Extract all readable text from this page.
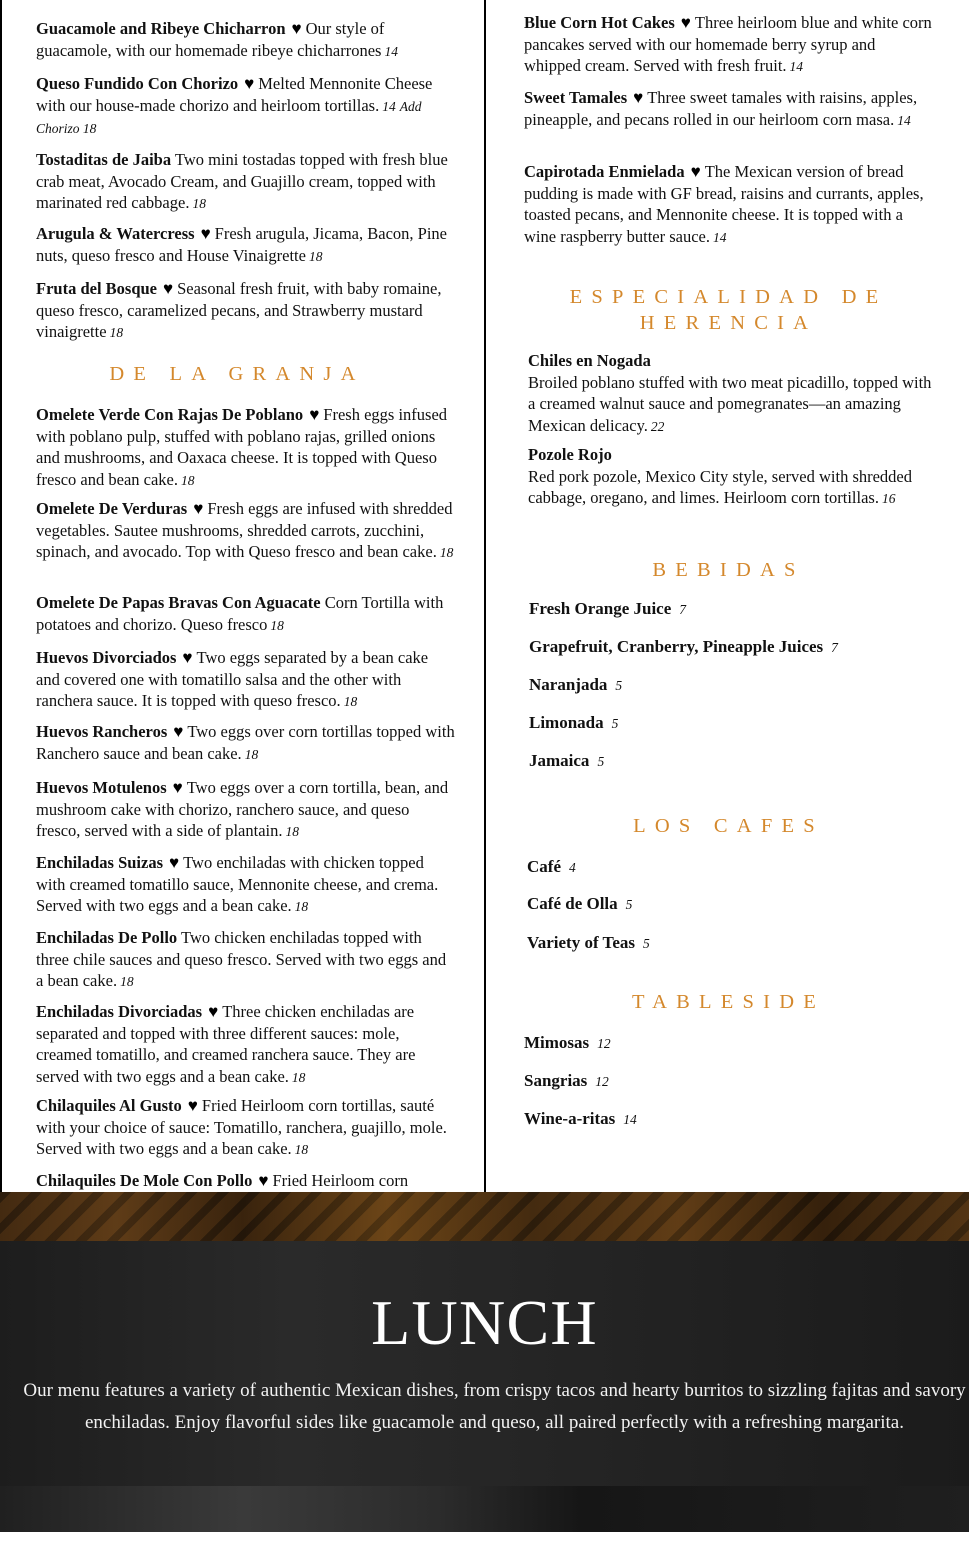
Guacamole and Ribeye Chicharron ♥ Our style of guacamole, with our homemade ribeye chicharrones 14
Queso Fundido Con Chorizo ♥ Melted Mennonite Cheese with our house-made chorizo and heirloom tortillas. 14 Add Chorizo 18
Tostaditas de Jaiba Two mini tostadas topped with fresh blue crab meat, Avocado Cream, and Guajillo cream, topped with marinated red cabbage. 18
Arugula & Watercress ♥ Fresh arugula, Jicama, Bacon, Pine nuts, queso fresco and House Vinaigrette 18
Fruta del Bosque ♥ Seasonal fresh fruit, with baby romaine, queso fresco, caramelized pecans, and Strawberry mustard vinaigrette 18
DE LA GRANJA
Omelete Verde Con Rajas De Poblano ♥ Fresh eggs infused with poblano pulp, stuffed with poblano rajas, grilled onions and mushrooms, and Oaxaca cheese. It is topped with Queso fresco and bean cake. 18
Omelete De Verduras ♥ Fresh eggs are infused with shredded vegetables. Sautee mushrooms, shredded carrots, zucchini, spinach, and avocado. Top with Queso fresco and bean cake. 18
Omelete De Papas Bravas Con Aguacate Corn Tortilla with potatoes and chorizo. Queso fresco 18
Huevos Divorciados ♥ Two eggs separated by a bean cake and covered one with tomatillo salsa and the other with ranchera sauce. It is topped with queso fresco. 18
Huevos Rancheros ♥ Two eggs over corn tortillas topped with Ranchero sauce and bean cake. 18
Huevos Motulenos ♥ Two eggs over a corn tortilla, bean, and mushroom cake with chorizo, ranchero sauce, and queso fresco, served with a side of plantain. 18
Enchiladas Suizas ♥ Two enchiladas with chicken topped with creamed tomatillo sauce, Mennonite cheese, and crema. Served with two eggs and a bean cake. 18
Enchiladas De Pollo Two chicken enchiladas topped with three chile sauces and queso fresco. Served with two eggs and a bean cake. 18
Enchiladas Divorciadas ♥ Three chicken enchiladas are separated and topped with three different sauces: mole, creamed tomatillo, and creamed ranchera sauce. They are served with two eggs and a bean cake. 18
Chilaquiles Al Gusto ♥ Fried Heirloom corn tortillas, sauté with your choice of sauce: Tomatillo, ranchera, guajillo, mole. Served with two eggs and a bean cake. 18
Chilaquiles De Mole Con Pollo ♥ Fried Heirloom corn
Blue Corn Hot Cakes ♥ Three heirloom blue and white corn pancakes served with our homemade berry syrup and whipped cream. Served with fresh fruit. 14
Sweet Tamales ♥ Three sweet tamales with raisins, apples, pineapple, and pecans rolled in our heirloom corn masa. 14
Capirotada Enmielada ♥ The Mexican version of bread pudding is made with GF bread, raisins and currants, apples, toasted pecans, and Mennonite cheese. It is topped with a wine raspberry butter sauce. 14
ESPECIALIDAD DE
HERENCIA
Chiles en Nogada
Broiled poblano stuffed with two meat picadillo, topped with a creamed walnut sauce and pomegranates—an amazing Mexican delicacy. 22
Pozole Rojo
Red pork pozole, Mexico City style, served with shredded cabbage, oregano, and limes. Heirloom corn tortillas. 16
BEBIDAS
Fresh Orange Juice 7
Grapefruit, Cranberry, Pineapple Juices 7
Naranjada 5
Limonada 5
Jamaica 5
LOS CAFES
Café 4
Café de Olla 5
Variety of Teas 5
TABLESIDE
Mimosas 12
Sangrias 12
Wine-a-ritas 14
LUNCH
Our menu features a variety of authentic Mexican dishes, from crispy tacos and hearty burritos to sizzling fajitas and savory enchiladas. Enjoy flavorful sides like guacamole and queso, all paired perfectly with a refreshing margarita.
